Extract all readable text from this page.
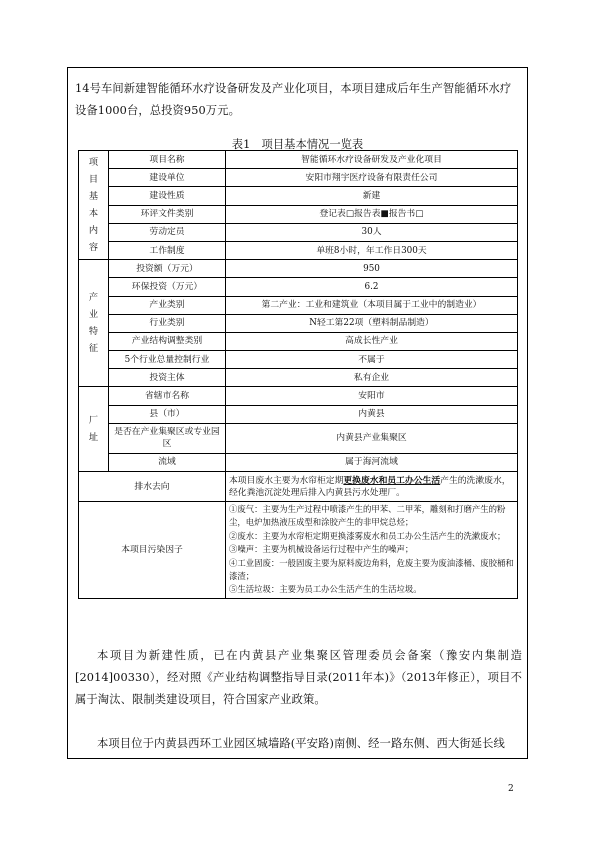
14号车间新建智能循环水疗设备研发及产业化项目，本项目建成后年生产智能循环水疗

设备1000台，总投资950万元。

表1　项目基本情况一览表
项目基本内容	项目名称	智能循环水疗设备研发及产业化项目
	建设单位	安阳市翔宇医疗设备有限责任公司
	建设性质	新建
	环评文件类别	登记表□报告表■报告书□
	劳动定员	30人
	工作制度	单班8小时，年工作日300天

产业特征	投资额（万元）	950
	环保投资（万元）	6.2
	产业类别	第二产业：工业和建筑业（本项目属于工业中的制造业）
	行业类别	N轻工第22项（塑料制品制造）
	产业结构调整类别	高成长性产业
	5个行业总量控制行业	不属于
	投资主体	私有企业

厂址	省辖市名称	安阳市
	县（市）	内黄县
	是否在产业集聚区或专业园区	内黄县产业集聚区
	流域	属于海河流域
排水去向		本项目废水主要为水帘柜定期更换废水和员工办公生活产生的洗漱废水，经化粪池沉淀处理后排入内黄县污水处理厂。
本项目污染因子		①废气：主要为生产过程中喷漆产生的甲苯、二甲苯，雕刻和打磨产生的粉尘，电炉加热液压成型和涂胶产生的非甲烷总烃；
②废水：主要为水帘柜定期更换漆雾废水和员工办公生活产生的洗漱废水；
③噪声：主要为机械设备运行过程中产生的噪声；
④工业固废：一般固废主要为原料废边角料，危废主要为废油漆桶、废胶桶和漆渣；
⑤生活垃圾：主要为员工办公生活产生的生活垃圾。

本项目为新建性质，已在内黄县产业集聚区管理委员会备案（豫安内集制造[2014]00330），经对照《产业结构调整指导目录(2011年本)》（2013年修正），项目不属于淘汰、限制类建设项目，符合国家产业政策。

本项目位于内黄县西环工业园区城墙路(平安路)南侧、经一路东侧、西大街延长线

2
